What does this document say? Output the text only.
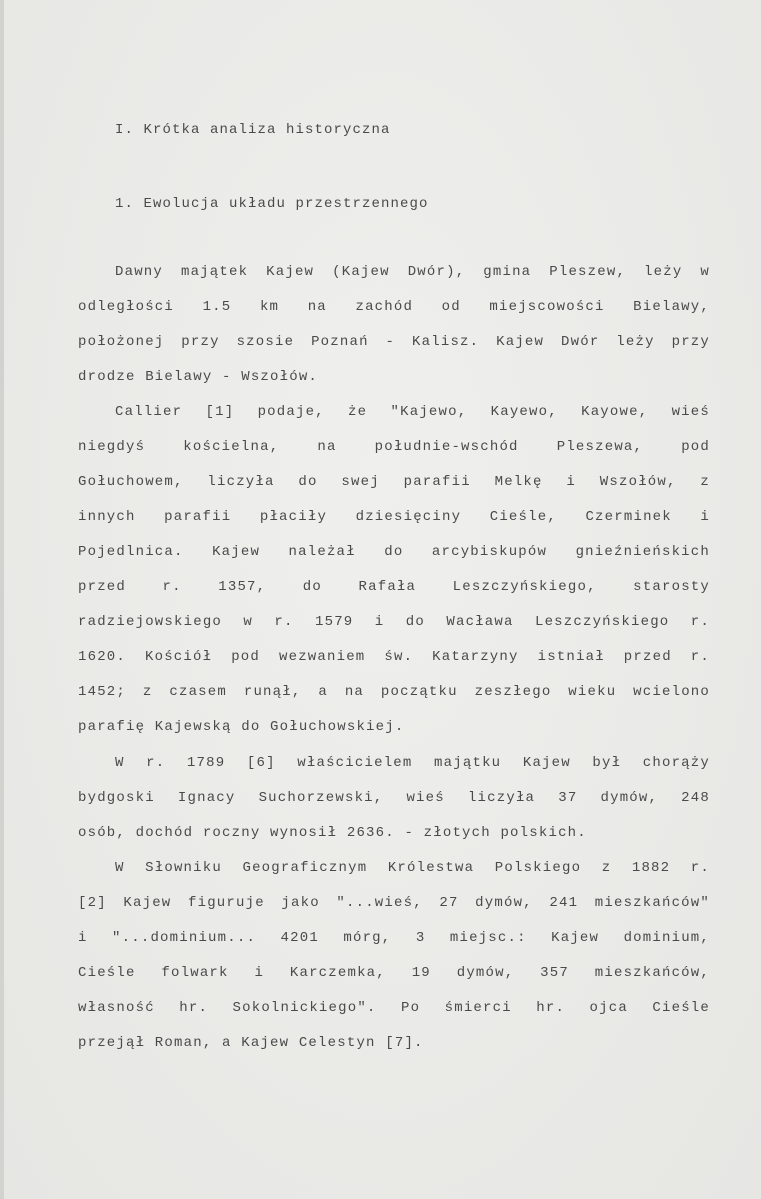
I. Krótka analiza historyczna
1. Ewolucja układu przestrzennego
Dawny majątek Kajew (Kajew Dwór), gmina Pleszew, leży w
odległości 1.5 km na zachód od miejscowości Bielawy,
położonej przy szosie Poznań - Kalisz. Kajew Dwór leży przy
drodze Bielawy - Wszołów.
Callier [1] podaje, że "Kajewo, Kayewo, Kayowe, wieś
niegdyś kościelna, na południe-wschód Pleszewa, pod
Gołuchowem, liczyła do swej parafii Melkę i Wszołów, z
innych parafii płaciły dziesięciny Cieśle, Czerminek i
Pojedlnica. Kajew należał do arcybiskupów gnieźnieńskich
przed r. 1357, do Rafała Leszczyńskiego, starosty
radziejowskiego w r. 1579 i do Wacława Leszczyńskiego r.
1620. Kościół pod wezwaniem św. Katarzyny istniał przed r.
1452; z czasem runął, a na początku zeszłego wieku wcielono
parafię Kajewską do Gołuchowskiej.
W r. 1789 [6] właścicielem majątku Kajew był chorąży
bydgoski Ignacy Suchorzewski, wieś liczyła 37 dymów, 248
osób, dochód roczny wynosił 2636. - złotych polskich.
W Słowniku Geograficznym Królestwa Polskiego z 1882 r.
[2] Kajew figuruje jako "...wieś, 27 dymów, 241 mieszkańców"
i "...dominium... 4201 mórg, 3 miejsc.: Kajew dominium,
Cieśle folwark i Karczemka, 19 dymów, 357 mieszkańców,
własność hr. Sokolnickiego". Po śmierci hr. ojca Cieśle
przejął Roman, a Kajew Celestyn [7].
